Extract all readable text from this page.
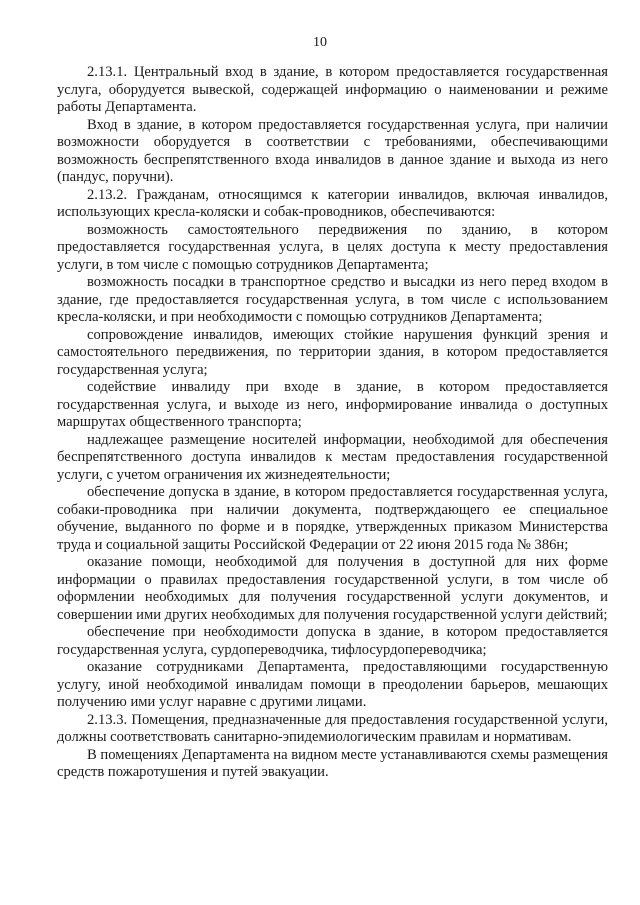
10

2.13.1. Центральный вход в здание, в котором предоставляется государственная услуга, оборудуется вывеской, содержащей информацию о наименовании и режиме работы Департамента.

Вход в здание, в котором предоставляется государственная услуга, при наличии возможности оборудуется в соответствии с требованиями, обеспечивающими возможность беспрепятственного входа инвалидов в данное здание и выхода из него (пандус, поручни).

2.13.2. Гражданам, относящимся к категории инвалидов, включая инвалидов, использующих кресла-коляски и собак-проводников, обеспечиваются:

возможность самостоятельного передвижения по зданию, в котором предоставляется государственная услуга, в целях доступа к месту предоставления услуги, в том числе с помощью сотрудников Департамента;

возможность посадки в транспортное средство и высадки из него перед входом в здание, где предоставляется государственная услуга, в том числе с использованием кресла-коляски, и при необходимости с помощью сотрудников Департамента;

сопровождение инвалидов, имеющих стойкие нарушения функций зрения и самостоятельного передвижения, по территории здания, в котором предоставляется государственная услуга;

содействие инвалиду при входе в здание, в котором предоставляется государственная услуга, и выходе из него, информирование инвалида о доступных маршрутах общественного транспорта;

надлежащее размещение носителей информации, необходимой для обеспечения беспрепятственного доступа инвалидов к местам предоставления государственной услуги, с учетом ограничения их жизнедеятельности;

обеспечение допуска в здание, в котором предоставляется государственная услуга, собаки-проводника при наличии документа, подтверждающего ее специальное обучение, выданного по форме и в порядке, утвержденных приказом Министерства труда и социальной защиты Российской Федерации от 22 июня 2015 года № 386н;

оказание помощи, необходимой для получения в доступной для них форме информации о правилах предоставления государственной услуги, в том числе об оформлении необходимых для получения государственной услуги документов, и совершении ими других необходимых для получения государственной услуги действий;

обеспечение при необходимости допуска в здание, в котором предоставляется государственная услуга, сурдопереводчика, тифлосурдопереводчика;

оказание сотрудниками Департамента, предоставляющими государственную услугу, иной необходимой инвалидам помощи в преодолении барьеров, мешающих получению ими услуг наравне с другими лицами.

2.13.3. Помещения, предназначенные для предоставления государственной услуги, должны соответствовать санитарно-эпидемиологическим правилам и нормативам.

В помещениях Департамента на видном месте устанавливаются схемы размещения средств пожаротушения и путей эвакуации.
